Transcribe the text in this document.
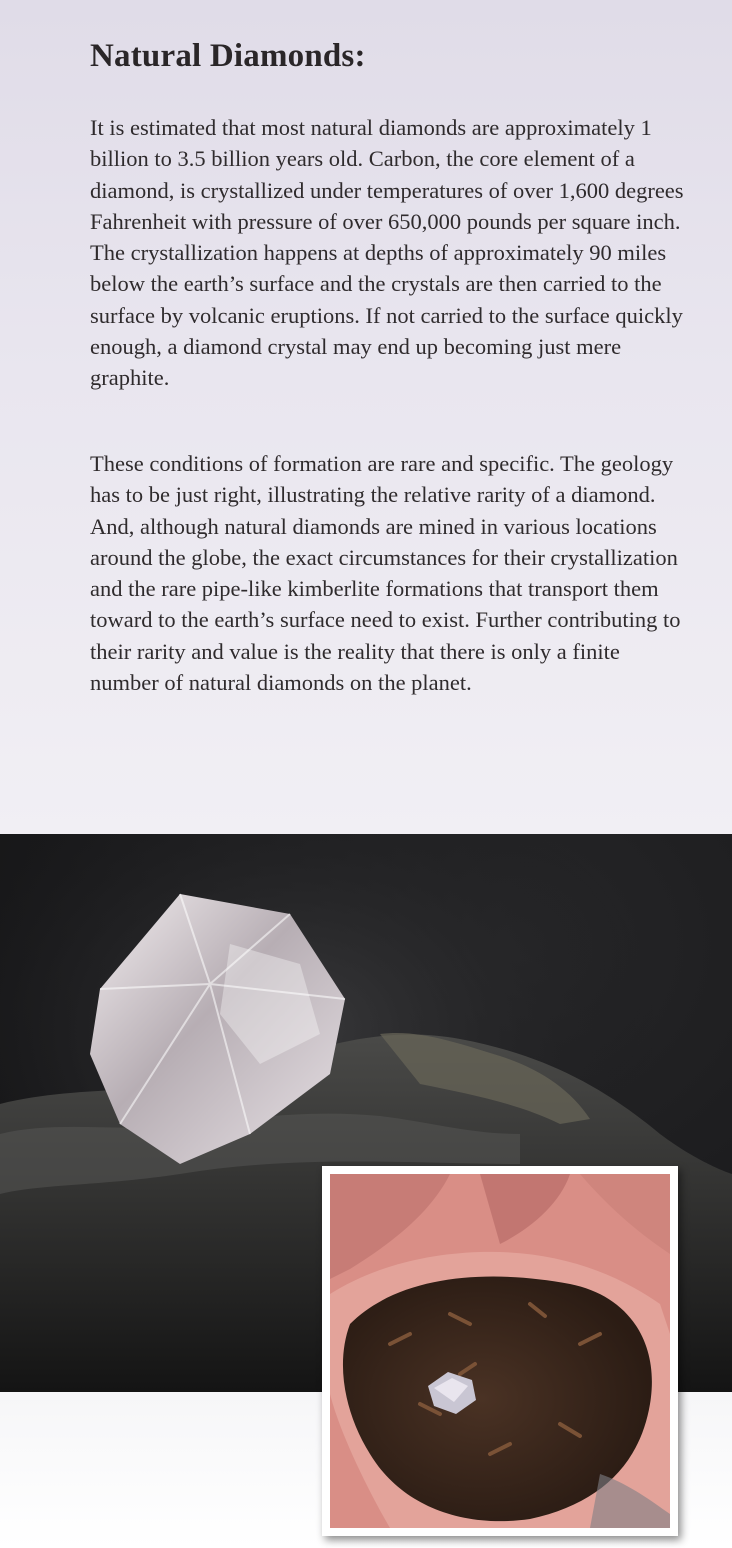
Natural Diamonds:

It is estimated that most natural diamonds are approximately 1 billion to 3.5 billion years old. Carbon, the core element of a diamond, is crystallized under temperatures of over 1,600 degrees Fahrenheit with pressure of over 650,000 pounds per square inch. The crystallization happens at depths of approximately 90 miles below the earth’s surface and the crystals are then carried to the surface by volcanic eruptions. If not carried to the surface quickly enough, a diamond crystal may end up becoming just mere graphite.

These conditions of formation are rare and specific. The geology has to be just right, illustrating the relative rarity of a diamond. And, although natural diamonds are mined in various locations around the globe, the exact circumstances for their crystallization and the rare pipe-like kimberlite formations that transport them toward to the earth’s surface need to exist. Further contributing to their rarity and value is the reality that there is only a finite number of natural diamonds on the planet.
